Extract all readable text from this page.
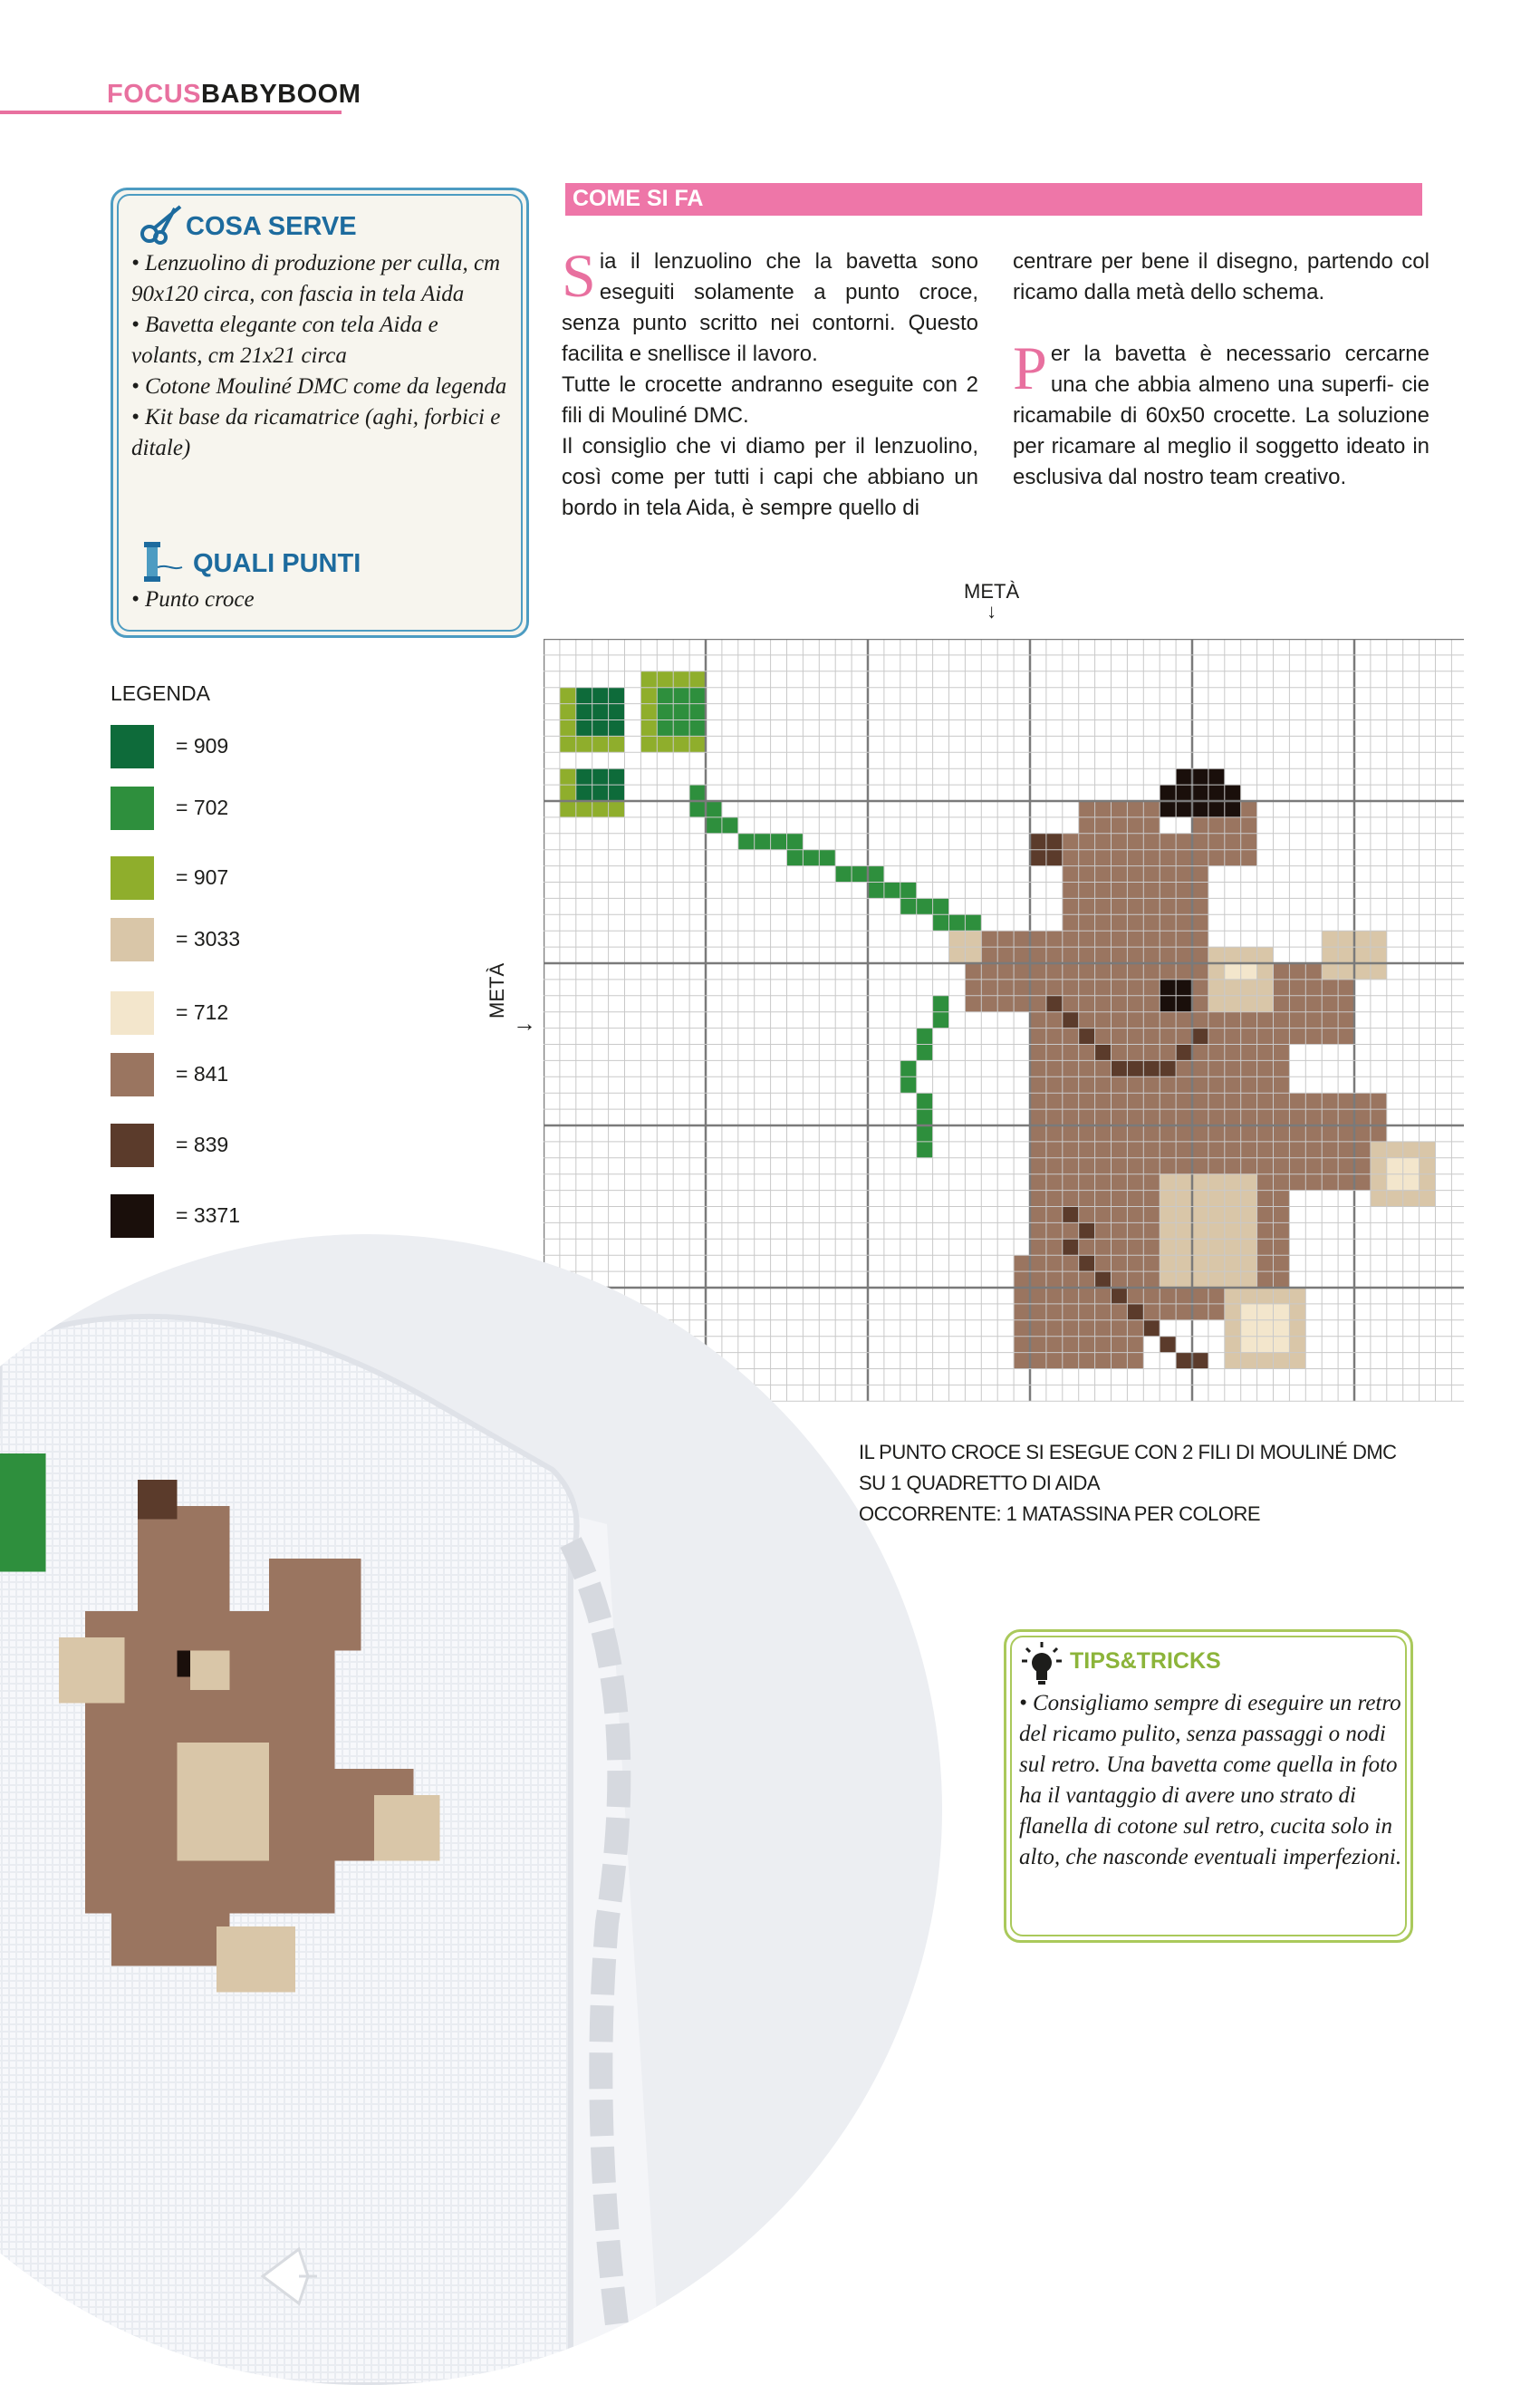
FOCUSBABYBOOM
COSA SERVE
• Lenzuolino di produzione per culla, cm 90x120 circa, con fascia in tela Aida
• Bavetta elegante con tela Aida e volants, cm 21x21 circa
• Cotone Mouliné DMC come da legenda
• Kit base da ricamatrice (aghi, forbici e ditale)
QUALI PUNTI
• Punto croce
LEGENDA
= 909
= 702
= 907
= 3033
= 712
= 841
= 839
= 3371
COME SI FA

Sia il lenzuolino che la bavetta sono eseguiti solamente a punto croce, senza punto scritto nei contorni. Questo facilita e snellisce il lavoro.

Tutte le crocette andranno eseguite con 2 fili di Mouliné DMC.

Il consiglio che vi diamo per il lenzuolino, così come per tutti i capi che abbiano un bordo in tela Aida, è sempre quello di

centrare per bene il disegno, partendo col ricamo dalla metà dello schema.

Per la bavetta è necessario cercarne una che abbia almeno una superfi- cie ricamabile di 60x50 crocette. La soluzione per ricamare al meglio il soggetto ideato in esclusiva dal nostro team creativo.

METÀ
↓
METÀ
→
IL PUNTO CROCE SI ESEGUE CON 2 FILI DI MOULINÉ DMC
SU 1 QUADRETTO DI AIDA
OCCORRENTE: 1 MATASSINA PER COLORE
TIPS&TRICKS

• Consigliamo sempre di eseguire un retro del ricamo pulito, senza passaggi o nodi sul retro. Una bavetta come quella in foto ha il vantaggio di avere uno strato di flanella di cotone sul retro, cucita solo in alto, che nasconde eventuali imperfezioni.
